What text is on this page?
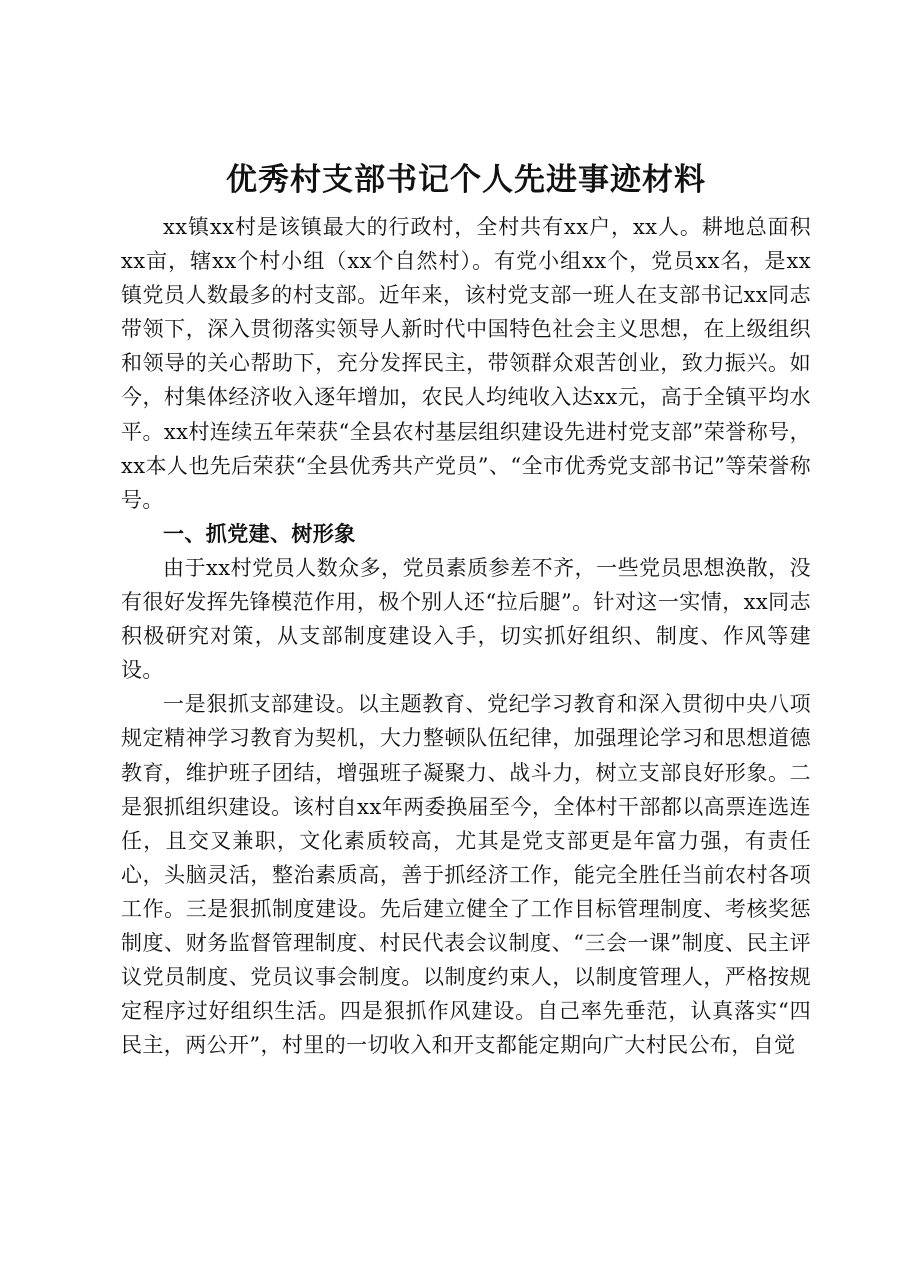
优秀村支部书记个人先进事迹材料

xx镇xx村是该镇最大的行政村，全村共有xx户，xx人。耕地总面积xx亩，辖xx个村小组（xx个自然村）。有党小组xx个，党员xx名，是xx镇党员人数最多的村支部。近年来，该村党支部一班人在支部书记xx同志带领下，深入贯彻落实领导人新时代中国特色社会主义思想，在上级组织和领导的关心帮助下，充分发挥民主，带领群众艰苦创业，致力振兴。如今，村集体经济收入逐年增加，农民人均纯收入达xx元，高于全镇平均水平。xx村连续五年荣获“全县农村基层组织建设先进村党支部”荣誉称号，xx本人也先后荣获“全县优秀共产党员”、“全市优秀党支部书记”等荣誉称号。

一、抓党建、树形象

由于xx村党员人数众多，党员素质参差不齐，一些党员思想涣散，没有很好发挥先锋模范作用，极个别人还“拉后腿”。针对这一实情，xx同志积极研究对策，从支部制度建设入手，切实抓好组织、制度、作风等建设。

一是狠抓支部建设。以主题教育、党纪学习教育和深入贯彻中央八项规定精神学习教育为契机，大力整顿队伍纪律，加强理论学习和思想道德教育，维护班子团结，增强班子凝聚力、战斗力，树立支部良好形象。二是狠抓组织建设。该村自xx年两委换届至今，全体村干部都以高票连选连任，且交叉兼职，文化素质较高，尤其是党支部更是年富力强，有责任心，头脑灵活，整治素质高，善于抓经济工作，能完全胜任当前农村各项工作。三是狠抓制度建设。先后建立健全了工作目标管理制度、考核奖惩制度、财务监督管理制度、村民代表会议制度、“三会一课”制度、民主评议党员制度、党员议事会制度。以制度约束人，以制度管理人，严格按规定程序过好组织生活。四是狠抓作风建设。自己率先垂范，认真落实“四民主，两公开”，村里的一切收入和开支都能定期向广大村民公布，自觉
